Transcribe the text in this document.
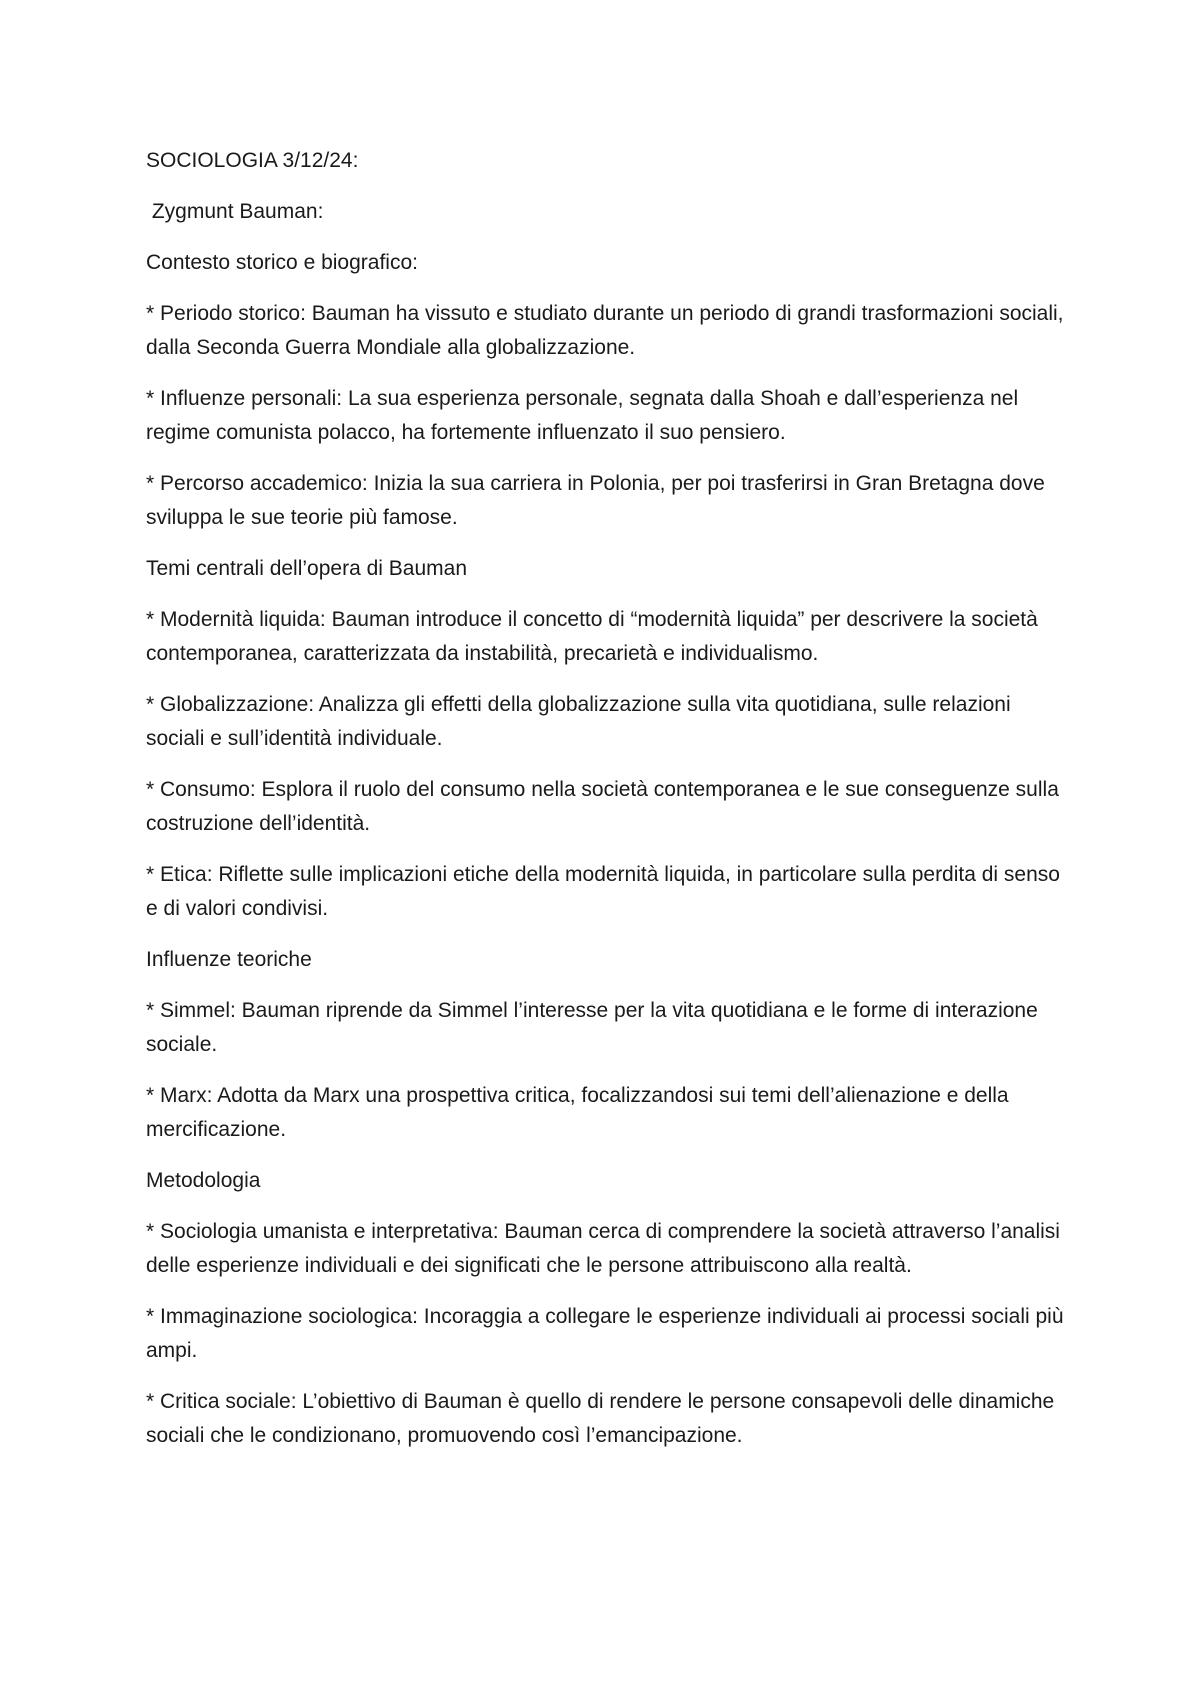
SOCIOLOGIA 3/12/24:

Zygmunt Bauman:

Contesto storico e biografico:

* Periodo storico: Bauman ha vissuto e studiato durante un periodo di grandi trasformazioni sociali, dalla Seconda Guerra Mondiale alla globalizzazione.

* Influenze personali: La sua esperienza personale, segnata dalla Shoah e dall’esperienza nel regime comunista polacco, ha fortemente influenzato il suo pensiero.

* Percorso accademico: Inizia la sua carriera in Polonia, per poi trasferirsi in Gran Bretagna dove sviluppa le sue teorie più famose.

Temi centrali dell’opera di Bauman

* Modernità liquida: Bauman introduce il concetto di “modernità liquida” per descrivere la società contemporanea, caratterizzata da instabilità, precarietà e individualismo.

* Globalizzazione: Analizza gli effetti della globalizzazione sulla vita quotidiana, sulle relazioni sociali e sull’identità individuale.

* Consumo: Esplora il ruolo del consumo nella società contemporanea e le sue conseguenze sulla costruzione dell’identità.

* Etica: Riflette sulle implicazioni etiche della modernità liquida, in particolare sulla perdita di senso e di valori condivisi.

Influenze teoriche

* Simmel: Bauman riprende da Simmel l’interesse per la vita quotidiana e le forme di interazione sociale.

* Marx: Adotta da Marx una prospettiva critica, focalizzandosi sui temi dell’alienazione e della mercificazione.

Metodologia

* Sociologia umanista e interpretativa: Bauman cerca di comprendere la società attraverso l’analisi delle esperienze individuali e dei significati che le persone attribuiscono alla realtà.

* Immaginazione sociologica: Incoraggia a collegare le esperienze individuali ai processi sociali più ampi.

* Critica sociale: L’obiettivo di Bauman è quello di rendere le persone consapevoli delle dinamiche sociali che le condizionano, promuovendo così l’emancipazione.
